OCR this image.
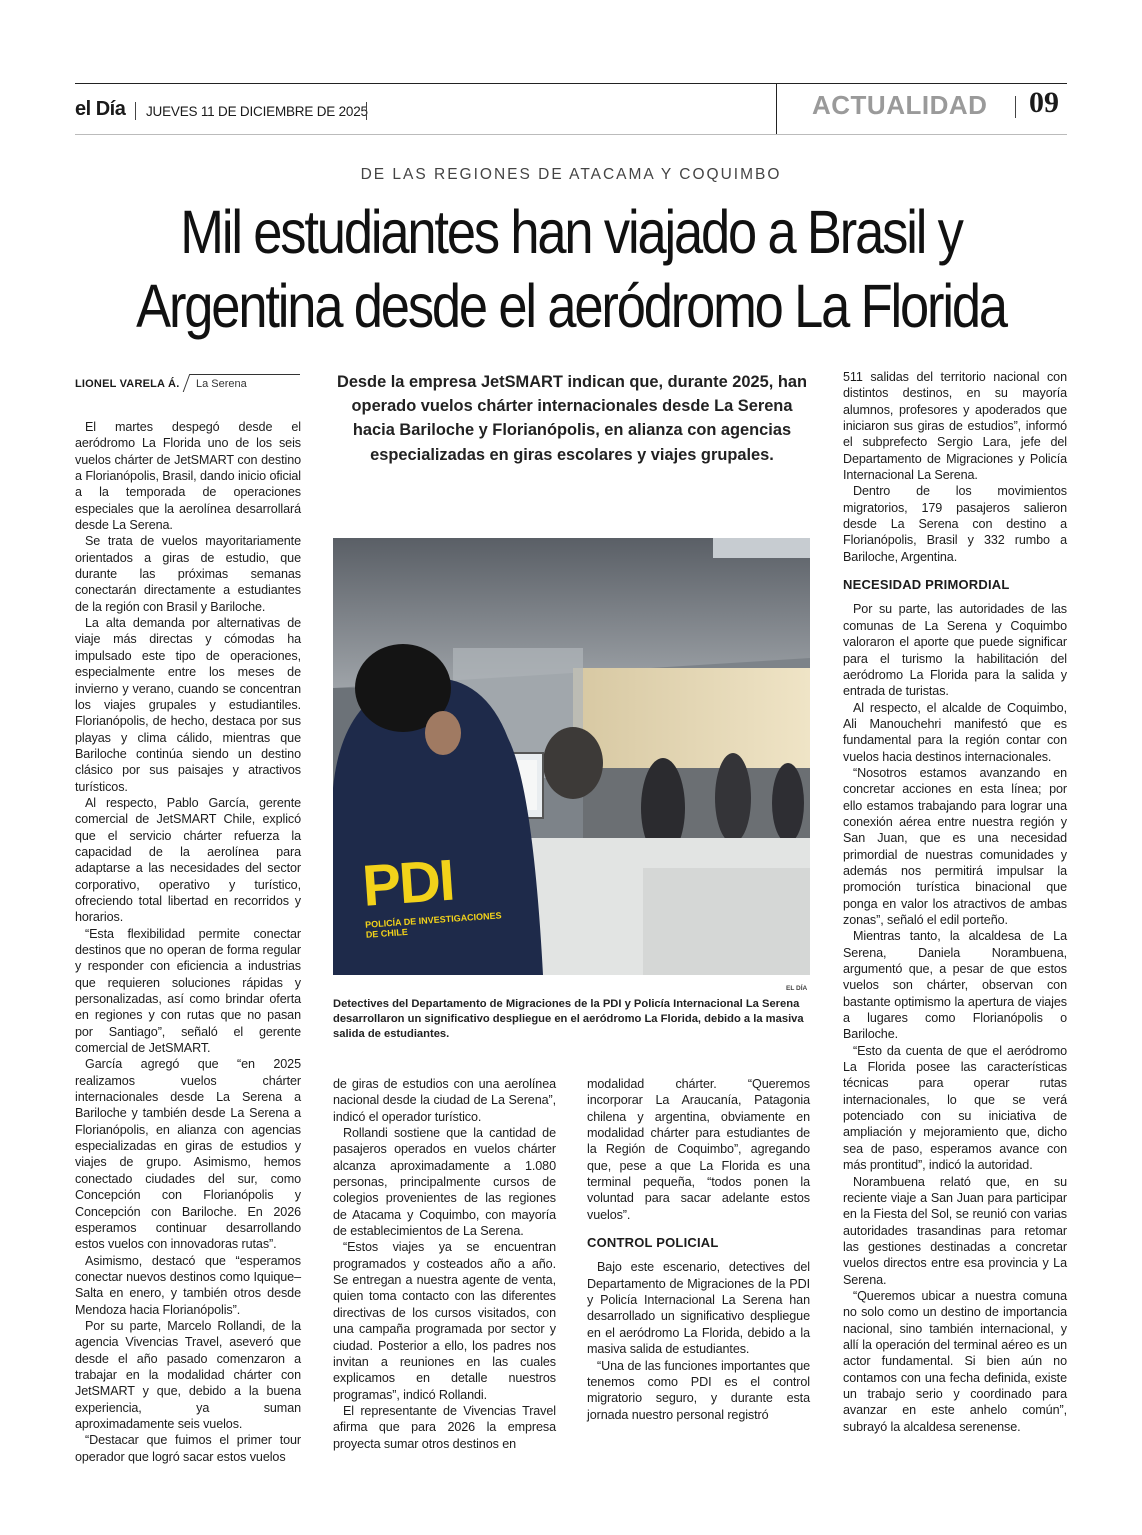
el Día JUEVES 11 DE DICIEMBRE DE 2025	ACTUALIDAD 09
DE LAS REGIONES DE ATACAMA Y COQUIMBO
Mil estudiantes han viajado a Brasil y
Argentina desde el aeródromo La Florida
LIONEL VARELA Á. La Serena

El martes despegó desde el aeródromo La Florida uno de los seis vuelos chárter de JetSMART con destino a Florianópolis, Brasil, dando inicio oficial a la temporada de operaciones especiales que la aerolínea desarrollará desde La Serena.

Se trata de vuelos mayoritariamente orientados a giras de estudio, que durante las próximas semanas conectarán directamente a estudiantes de la región con Brasil y Bariloche.

La alta demanda por alternativas de viaje más directas y cómodas ha impulsado este tipo de operaciones, especialmente entre los meses de invierno y verano, cuando se concentran los viajes grupales y estudiantiles. Florianópolis, de hecho, destaca por sus playas y clima cálido, mientras que Bariloche continúa siendo un destino clásico por sus paisajes y atractivos turísticos.

Al respecto, Pablo García, gerente comercial de JetSMART Chile, explicó que el servicio chárter refuerza la capacidad de la aerolínea para adaptarse a las necesidades del sector corporativo, operativo y turístico, ofreciendo total libertad en recorridos y horarios.

“Esta flexibilidad permite conectar destinos que no operan de forma regular y responder con eficiencia a industrias que requieren soluciones rápidas y personalizadas, así como brindar oferta en regiones y con rutas que no pasan por Santiago”, señaló el gerente comercial de JetSMART.

García agregó que “en 2025 realizamos vuelos chárter internacionales desde La Serena a Bariloche y también desde La Serena a Florianópolis, en alianza con agencias especializadas en giras de estudios y viajes de grupo. Asimismo, hemos conectado ciudades del sur, como Concepción con Florianópolis y Concepción con Bariloche. En 2026 esperamos continuar desarrollando estos vuelos con innovadoras rutas”.

Asimismo, destacó que “esperamos conectar nuevos destinos como Iquique–Salta en enero, y también otros desde Mendoza hacia Florianópolis”.

Por su parte, Marcelo Rollandi, de la agencia Vivencias Travel, aseveró que desde el año pasado comenzaron a trabajar en la modalidad chárter con JetSMART y que, debido a la buena experiencia, ya suman aproximadamente seis vuelos.

“Destacar que fuimos el primer tour operador que logró sacar estos vuelos

Desde la empresa JetSMART indican que, durante 2025, han operado vuelos chárter internacionales desde La Serena hacia Bariloche y Florianópolis, en alianza con agencias especializadas en giras escolares y viajes grupales.
PDI
POLICÍA DE INVESTIGACIONES DE CHILE
EL DÍA
Detectives del Departamento de Migraciones de la PDI y Policía Internacional La Serena desarrollaron un significativo despliegue en el aeródromo La Florida, debido a la masiva salida de estudiantes.

de giras de estudios con una aerolínea nacional desde la ciudad de La Serena”, indicó el operador turístico.

Rollandi sostiene que la cantidad de pasajeros operados en vuelos chárter alcanza aproximadamente a 1.080 personas, principalmente cursos de colegios provenientes de las regiones de Atacama y Coquimbo, con mayoría de establecimientos de La Serena.

“Estos viajes ya se encuentran programados y costeados año a año. Se entregan a nuestra agente de venta, quien toma contacto con las diferentes directivas de los cursos visitados, con una campaña programada por sector y ciudad. Posterior a ello, los padres nos invitan a reuniones en las cuales explicamos en detalle nuestros programas”, indicó Rollandi.

El representante de Vivencias Travel afirma que para 2026 la empresa proyecta sumar otros destinos en

modalidad chárter. “Queremos incorporar La Araucanía, Patagonia chilena y argentina, obviamente en modalidad chárter para estudiantes de la Región de Coquimbo”, agregando que, pese a que La Florida es una terminal pequeña, “todos ponen la voluntad para sacar adelante estos vuelos”.

CONTROL POLICIAL

Bajo este escenario, detectives del Departamento de Migraciones de la PDI y Policía Internacional La Serena han desarrollado un significativo despliegue en el aeródromo La Florida, debido a la masiva salida de estudiantes.

“Una de las funciones importantes que tenemos como PDI es el control migratorio seguro, y durante esta jornada nuestro personal registró

511 salidas del territorio nacional con distintos destinos, en su mayoría alumnos, profesores y apoderados que iniciaron sus giras de estudios”, informó el subprefecto Sergio Lara, jefe del Departamento de Migraciones y Policía Internacional La Serena.

Dentro de los movimientos migratorios, 179 pasajeros salieron desde La Serena con destino a Florianópolis, Brasil y 332 rumbo a Bariloche, Argentina.

NECESIDAD PRIMORDIAL

Por su parte, las autoridades de las comunas de La Serena y Coquimbo valoraron el aporte que puede significar para el turismo la habilitación del aeródromo La Florida para la salida y entrada de turistas.

Al respecto, el alcalde de Coquimbo, Ali Manouchehri manifestó que es fundamental para la región contar con vuelos hacia destinos internacionales.

“Nosotros estamos avanzando en concretar acciones en esta línea; por ello estamos trabajando para lograr una conexión aérea entre nuestra región y San Juan, que es una necesidad primordial de nuestras comunidades y además nos permitirá impulsar la promoción turística binacional que ponga en valor los atractivos de ambas zonas”, señaló el edil porteño.

Mientras tanto, la alcaldesa de La Serena, Daniela Norambuena, argumentó que, a pesar de que estos vuelos son chárter, observan con bastante optimismo la apertura de viajes a lugares como Florianópolis o Bariloche.

“Esto da cuenta de que el aeródromo La Florida posee las características técnicas para operar rutas internacionales, lo que se verá potenciado con su iniciativa de ampliación y mejoramiento que, dicho sea de paso, esperamos avance con más prontitud”, indicó la autoridad.

Norambuena relató que, en su reciente viaje a San Juan para participar en la Fiesta del Sol, se reunió con varias autoridades trasandinas para retomar las gestiones destinadas a concretar vuelos directos entre esa provincia y La Serena.

“Queremos ubicar a nuestra comuna no solo como un destino de importancia nacional, sino también internacional, y allí la operación del terminal aéreo es un actor fundamental. Si bien aún no contamos con una fecha definida, existe un trabajo serio y coordinado para avanzar en este anhelo común”, subrayó la alcaldesa serenense.
